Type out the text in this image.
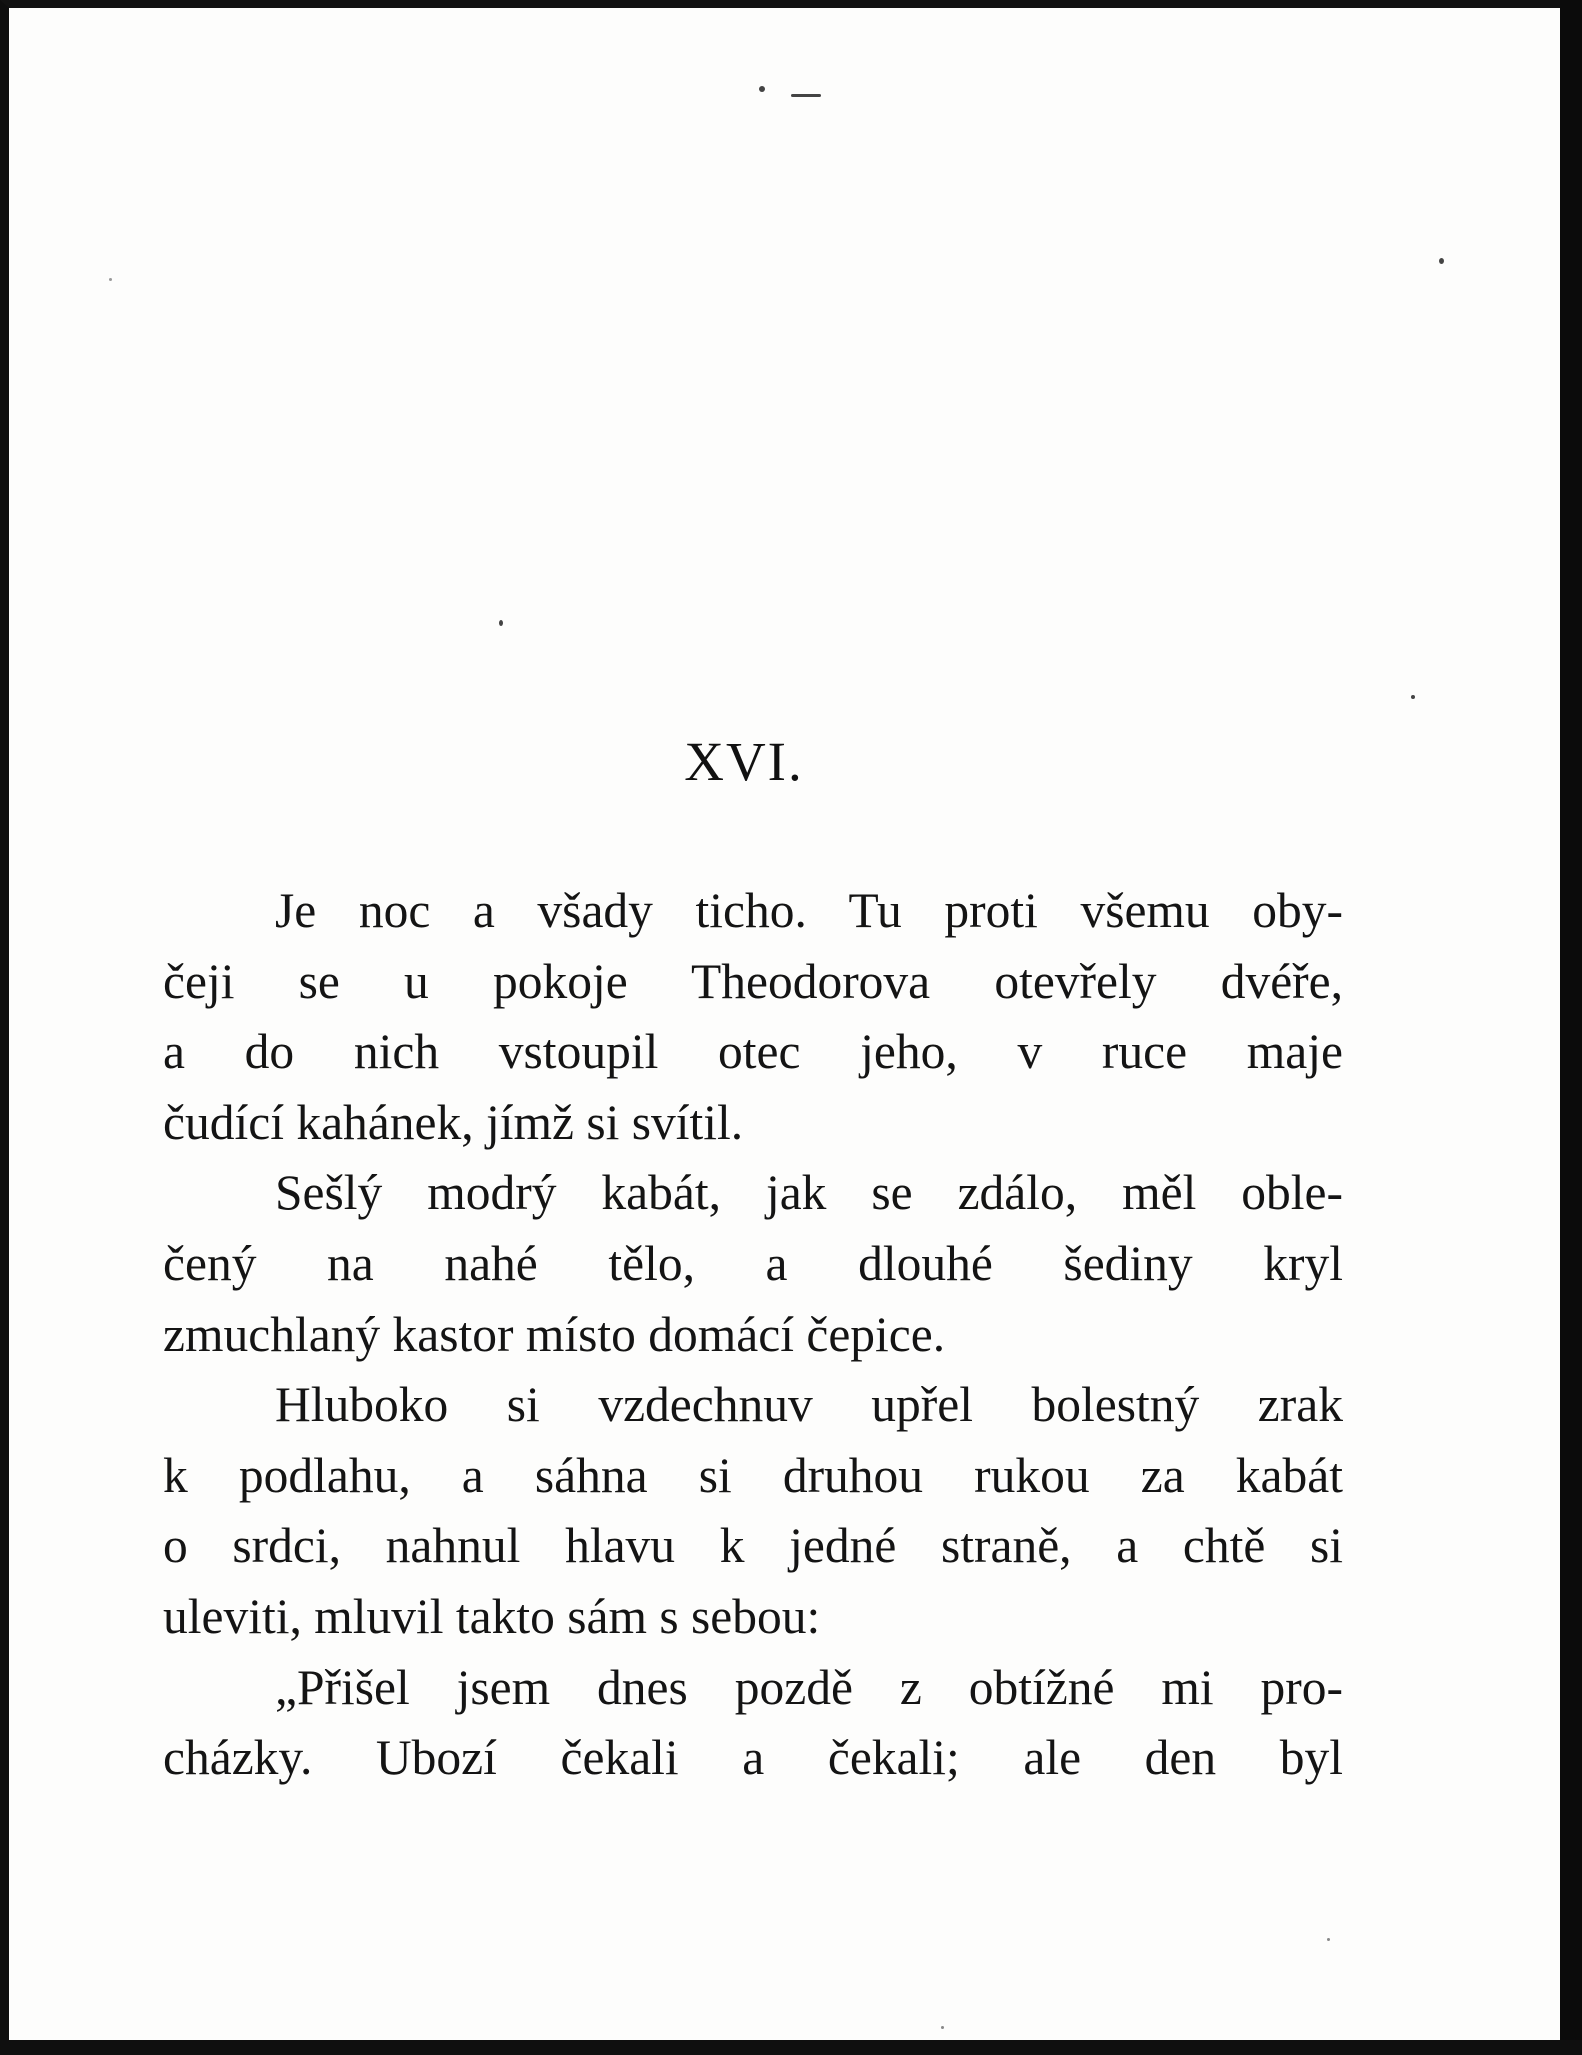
XVI.
Je noc a všady ticho. Tu proti všemu oby-
čeji se u pokoje Theodorova otevřely dvéře,
a do nich vstoupil otec jeho, v ruce maje
čudící kahánek, jímž si svítil.
Sešlý modrý kabát, jak se zdálo, měl oble-
čený na nahé tělo, a dlouhé šediny kryl
zmuchlaný kastor místo domácí čepice.
Hluboko si vzdechnuv upřel bolestný zrak
k podlahu, a sáhna si druhou rukou za kabát
o srdci, nahnul hlavu k jedné straně, a chtě si
uleviti, mluvil takto sám s sebou:
„Přišel jsem dnes pozdě z obtížné mi pro-
cházky. Ubozí čekali a čekali; ale den byl
